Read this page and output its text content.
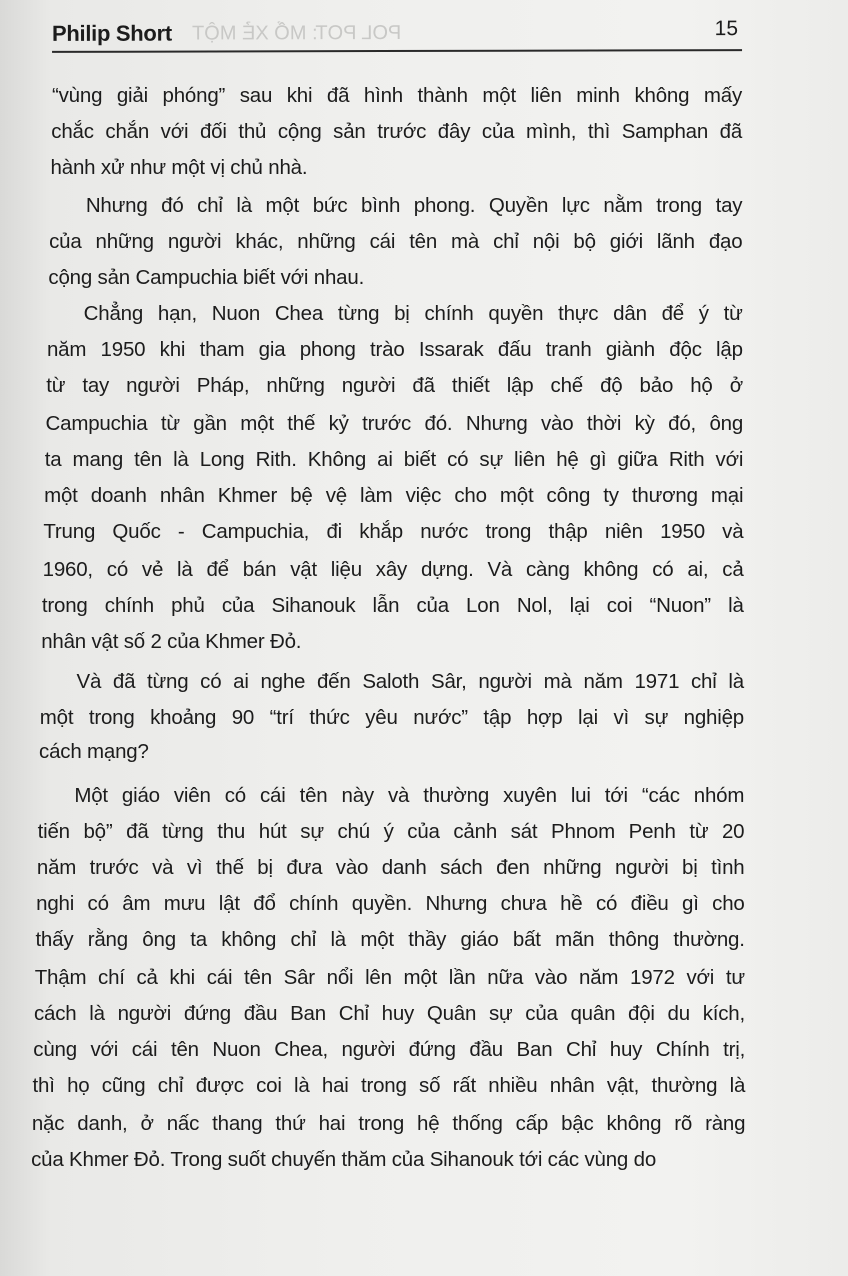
Philip Short POL POT: MỔ XẺ MỘT	15
“vùng giải phóng” sau khi đã hình thành một liên minh không mấy
chắc chắn với đối thủ cộng sản trước đây của mình, thì Samphan đã
hành xử như một vị chủ nhà.
Nhưng đó chỉ là một bức bình phong. Quyền lực nằm trong tay
của những người khác, những cái tên mà chỉ nội bộ giới lãnh đạo
cộng sản Campuchia biết với nhau.
Chẳng hạn, Nuon Chea từng bị chính quyền thực dân để ý từ
năm 1950 khi tham gia phong trào Issarak đấu tranh giành độc lập
từ tay người Pháp, những người đã thiết lập chế độ bảo hộ ở
Campuchia từ gần một thế kỷ trước đó. Nhưng vào thời kỳ đó, ông
ta mang tên là Long Rith. Không ai biết có sự liên hệ gì giữa Rith với
một doanh nhân Khmer bệ vệ làm việc cho một công ty thương mại
Trung Quốc - Campuchia, đi khắp nước trong thập niên 1950 và
1960, có vẻ là để bán vật liệu xây dựng. Và càng không có ai, cả
trong chính phủ của Sihanouk lẫn của Lon Nol, lại coi “Nuon” là
nhân vật số 2 của Khmer Đỏ.
Và đã từng có ai nghe đến Saloth Sâr, người mà năm 1971 chỉ là
một trong khoảng 90 “trí thức yêu nước” tập hợp lại vì sự nghiệp
cách mạng?
Một giáo viên có cái tên này và thường xuyên lui tới “các nhóm
tiến bộ” đã từng thu hút sự chú ý của cảnh sát Phnom Penh từ 20
năm trước và vì thế bị đưa vào danh sách đen những người bị tình
nghi có âm mưu lật đổ chính quyền. Nhưng chưa hề có điều gì cho
thấy rằng ông ta không chỉ là một thầy giáo bất mãn thông thường.
Thậm chí cả khi cái tên Sâr nổi lên một lần nữa vào năm 1972 với tư
cách là người đứng đầu Ban Chỉ huy Quân sự của quân đội du kích,
cùng với cái tên Nuon Chea, người đứng đầu Ban Chỉ huy Chính trị,
thì họ cũng chỉ được coi là hai trong số rất nhiều nhân vật, thường là
nặc danh, ở nấc thang thứ hai trong hệ thống cấp bậc không rõ ràng
của Khmer Đỏ. Trong suốt chuyến thăm của Sihanouk tới các vùng do
